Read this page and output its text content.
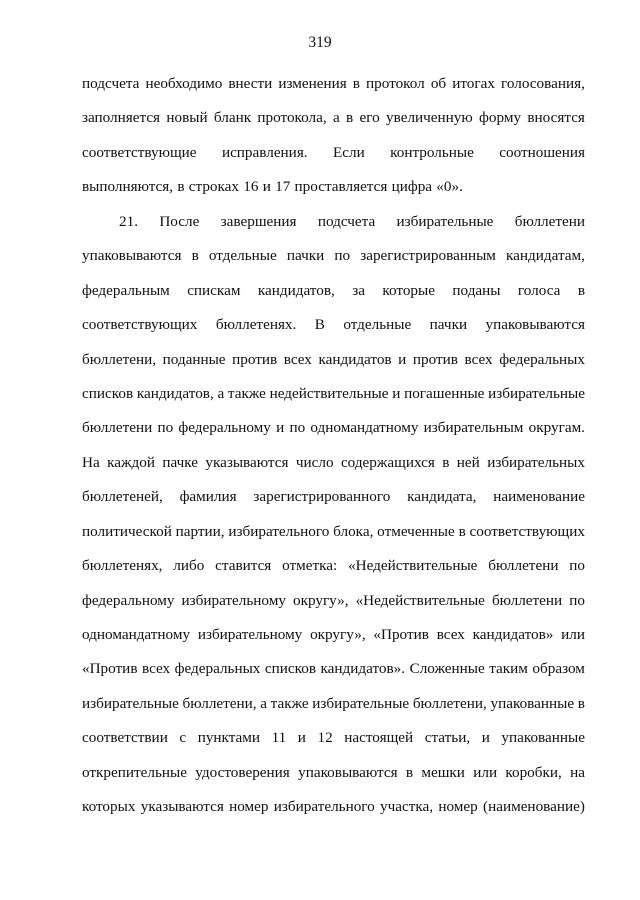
319
подсчета необходимо внести изменения в протокол об итогах голосования,
заполняется новый бланк протокола, а в его увеличенную форму вносятся
соответствующие исправления. Если контрольные соотношения
выполняются, в строках 16 и 17 проставляется цифра «0».
21. После завершения подсчета избирательные бюллетени
упаковываются в отдельные пачки по зарегистрированным кандидатам,
федеральным спискам кандидатов, за которые поданы голоса в
соответствующих бюллетенях. В отдельные пачки упаковываются
бюллетени, поданные против всех кандидатов и против всех федеральных
списков кандидатов, а также недействительные и погашенные избирательные
бюллетени по федеральному и по одномандатному избирательным округам.
На каждой пачке указываются число содержащихся в ней избирательных
бюллетеней, фамилия зарегистрированного кандидата, наименование
политической партии, избирательного блока, отмеченные в соответствующих
бюллетенях, либо ставится отметка: «Недействительные бюллетени по
федеральному избирательному округу», «Недействительные бюллетени по
одномандатному избирательному округу», «Против всех кандидатов» или
«Против всех федеральных списков кандидатов». Сложенные таким образом
избирательные бюллетени, а также избирательные бюллетени, упакованные в
соответствии с пунктами 11 и 12 настоящей статьи, и упакованные
открепительные удостоверения упаковываются в мешки или коробки, на
которых указываются номер избирательного участка, номер (наименование)
